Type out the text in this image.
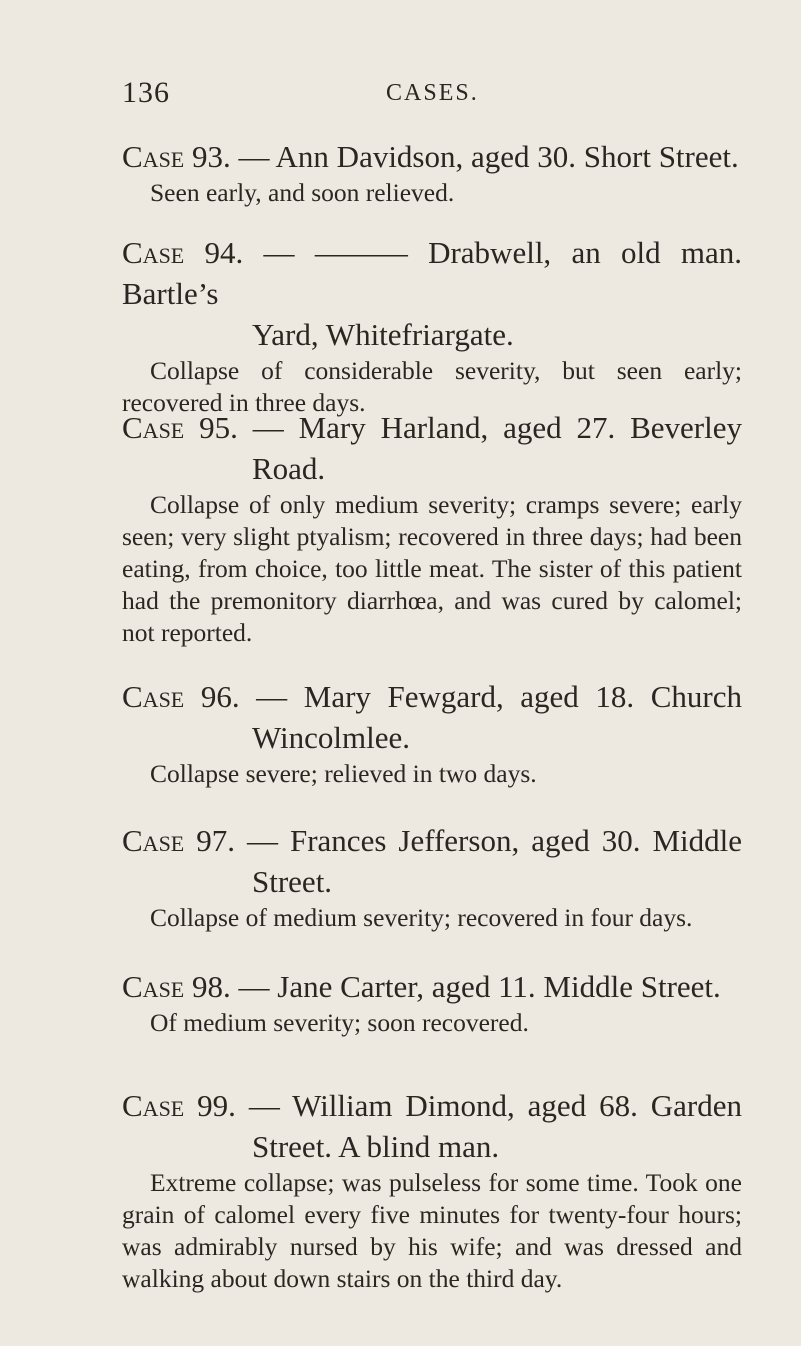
136	CASES.

Case 93. — Ann Davidson, aged 30. Short Street.

Seen early, and soon relieved.

Case 94. — ——— Drabwell, an old man. Bartle’s

Yard, Whitefriargate.

Collapse of considerable severity, but seen early; recovered in three days.

Case 95. — Mary Harland, aged 27. Beverley

Road.

Collapse of only medium severity; cramps severe; early seen; very slight ptyalism; recovered in three days; had been eating, from choice, too little meat. The sister of this patient had the premonitory diarrhœa, and was cured by calomel; not reported.

Case 96. — Mary Fewgard, aged 18. Church

Wincolmlee.

Collapse severe; relieved in two days.

Case 97. — Frances Jefferson, aged 30. Middle

Street.

Collapse of medium severity; recovered in four days.

Case 98. — Jane Carter, aged 11. Middle Street.

Of medium severity; soon recovered.

Case 99. — William Dimond, aged 68. Garden

Street. A blind man.

Extreme collapse; was pulseless for some time. Took one grain of calomel every five minutes for twenty-four hours; was admirably nursed by his wife; and was dressed and walking about down stairs on the third day.
